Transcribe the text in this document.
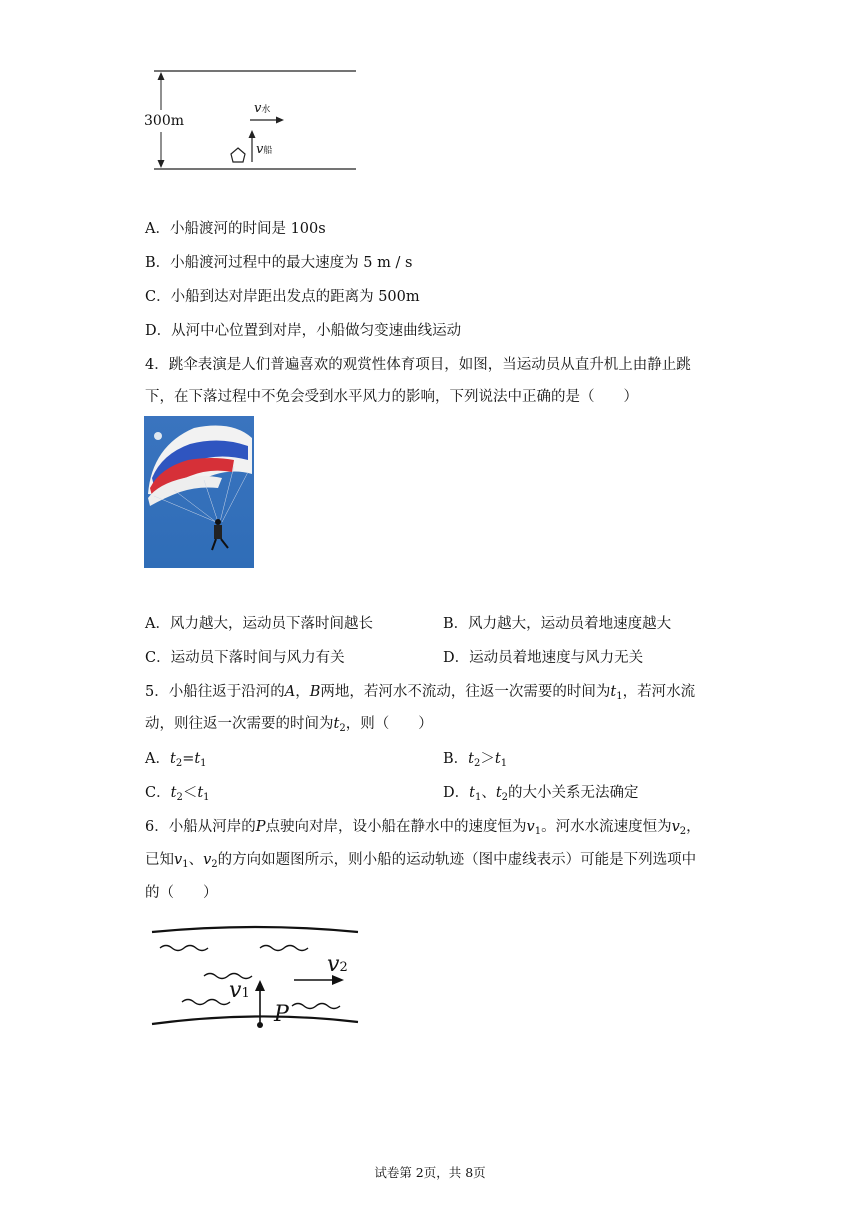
300m
v水
v船
A．小船渡河的时间是 100s
B．小船渡河过程中的最大速度为 5 m / s
C．小船到达对岸距出发点的距离为 500m
D．从河中心位置到对岸，小船做匀变速曲线运动
4．跳伞表演是人们普遍喜欢的观赏性体育项目，如图，当运动员从直升机上由静止跳
下，在下落过程中不免会受到水平风力的影响，下列说法中正确的是（　　）
A．风力越大，运动员下落时间越长	B．风力越大，运动员着地速度越大
C．运动员下落时间与风力有关	D．运动员着地速度与风力无关
5．小船往返于沿河的A，B两地，若河水不流动，往返一次需要的时间为$t_1$，若河水流
动，则往返一次需要的时间为$t_2$，则（　　）
A．$t_2=t_1$	B．$t_2>t_1$
C．$t_2<t_1$	D．$t_1$、$t_2$的大小关系无法确定
6．小船从河岸的P点驶向对岸，设小船在静水中的速度恒为$v_1$。河水水流速度恒为$v_2$，
已知$v_1$、$v_2$的方向如题图所示，则小船的运动轨迹（图中虚线表示）可能是下列选项中
的（　　）
v1
v2
P
试卷第 2页，共 8页
